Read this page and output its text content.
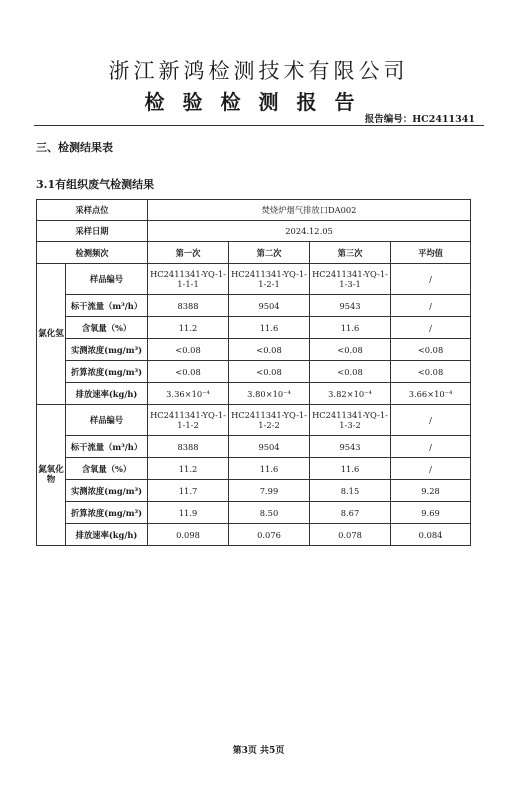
浙江新鸿检测技术有限公司
检验检测报告
报告编号：HC2411341
三、检测结果表
3.1有组织废气检测结果
采样点位		焚烧炉烟气排放口DA002			
采样日期		2024.12.05			
检测频次		第一次	第二次	第三次	平均值
氯化氢	样品编号	HC2411341-YQ-1-1-1-1	HC2411341-YQ-1-1-2-1	HC2411341-YQ-1-1-3-1	/
	标干流量（m³/h）	8388	9504	9543	/
	含氧量（%）	11.2	11.6	11.6	/
	实测浓度(mg/m³)	<0.08	<0.08	<0.08	<0.08
	折算浓度(mg/m³)	<0.08	<0.08	<0.08	<0.08
	排放速率(kg/h)	3.36×10⁻⁴	3.80×10⁻⁴	3.82×10⁻⁴	3.66×10⁻⁴
氮氧化物	样品编号	HC2411341-YQ-1-1-1-2	HC2411341-YQ-1-1-2-2	HC2411341-YQ-1-1-3-2	/
	标干流量（m³/h）	8388	9504	9543	/
	含氧量（%）	11.2	11.6	11.6	/
	实测浓度(mg/m³)	11.7	7.99	8.15	9.28
	折算浓度(mg/m³)	11.9	8.50	8.67	9.69
	排放速率(kg/h)	0.098	0.076	0.078	0.084
第3页 共5页
